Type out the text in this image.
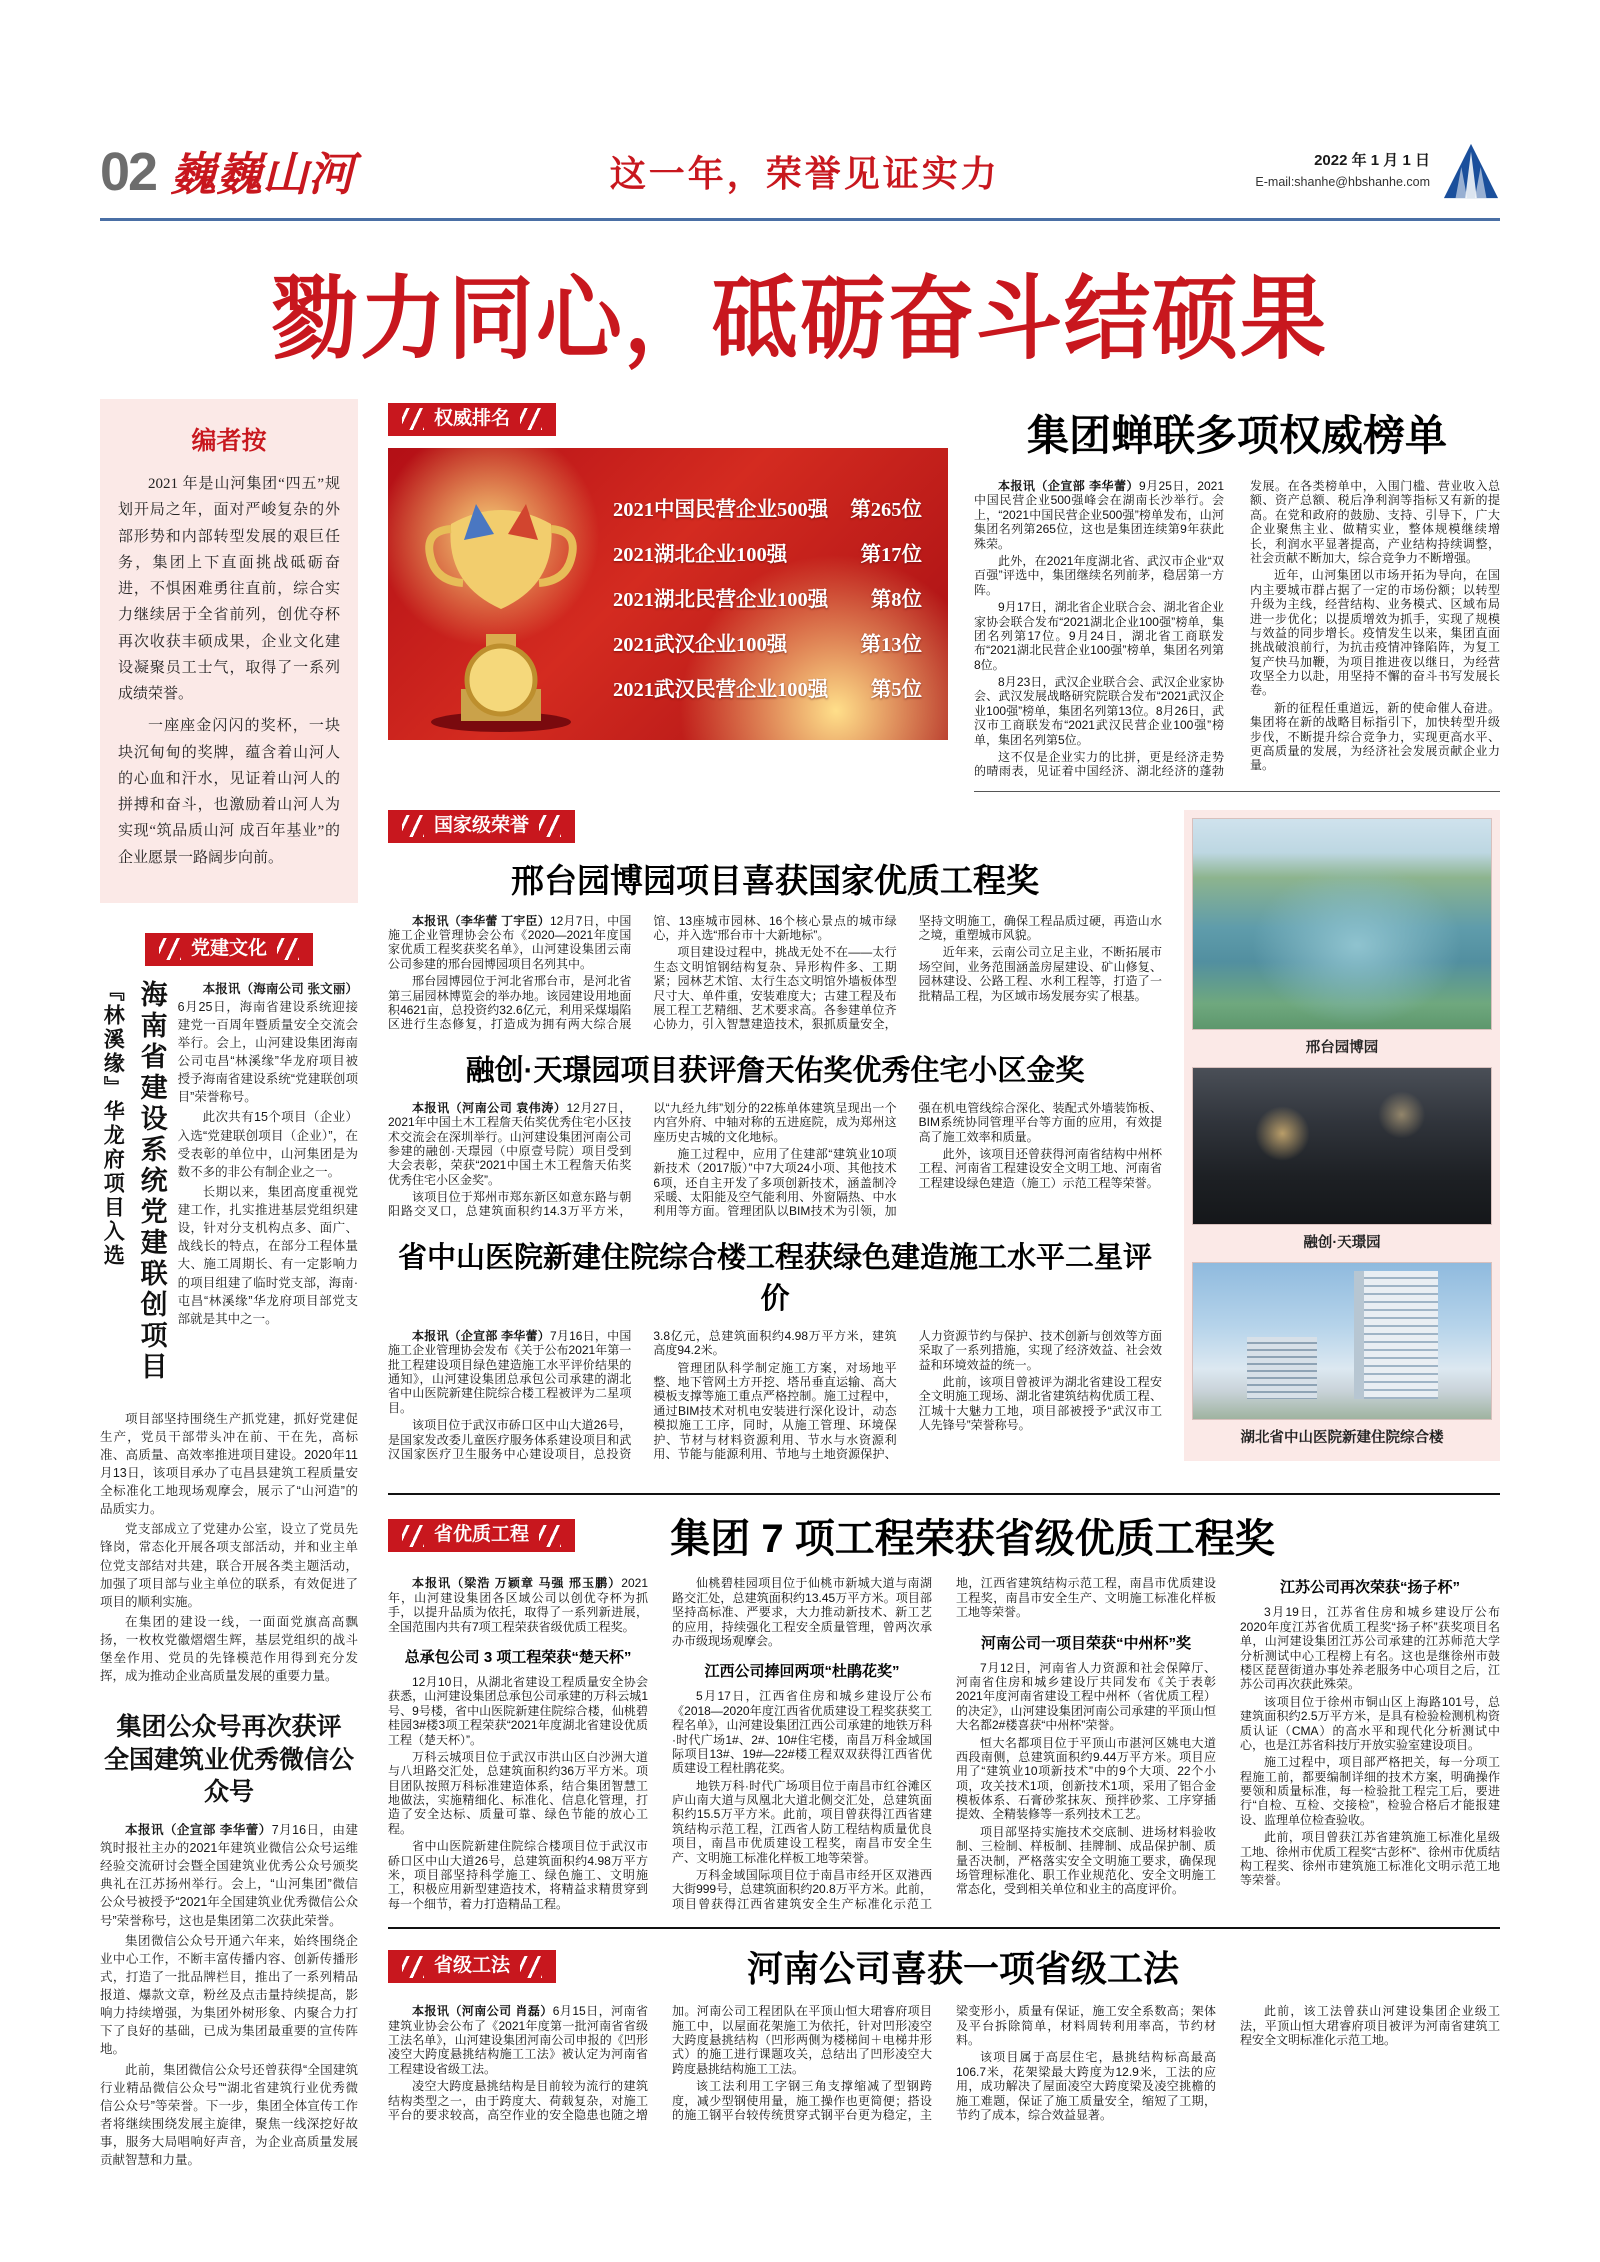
02 巍巍山河	这一年，荣誉见证实力	2022 年 1 月 1 日
E-mail:shanhe@hbshanhe.com
勠力同心，砥砺奋斗结硕果
编者按

2021 年是山河集团“四五”规划开局之年，面对严峻复杂的外部形势和内部转型发展的艰巨任务，集团上下直面挑战砥砺奋进，不惧困难勇往直前，综合实力继续居于全省前列，创优夺杯再次收获丰硕成果，企业文化建设凝聚员工士气，取得了一系列成绩荣誉。

一座座金闪闪的奖杯，一块块沉甸甸的奖牌，蕴含着山河人的心血和汗水，见证着山河人的拼搏和奋斗，也激励着山河人为实现“筑品质山河 成百年基业”的企业愿景一路阔步向前。

党建文化
『林溪缘』华龙府项目入选 海南省建设系统党建联创项目	本报讯（海南公司 张文丽）6月25日，海南省建设系统迎接建党一百周年暨质量安全交流会举行。会上，山河建设集团海南公司屯昌“林溪缘”华龙府项目被授予海南省建设系统“党建联创项目”荣誉称号。

此次共有15个项目（企业）入选“党建联创项目（企业）”，在受表彰的单位中，山河集团是为数不多的非公有制企业之一。

长期以来，集团高度重视党建工作，扎实推进基层党组织建设，针对分支机构点多、面广、战线长的特点，在部分工程体量大、施工周期长、有一定影响力的项目组建了临时党支部，海南·屯昌“林溪缘”华龙府项目部党支部就是其中之一。

项目部坚持围绕生产抓党建，抓好党建促生产，党员干部带头冲在前、干在先，高标准、高质量、高效率推进项目建设。2020年11月13日，该项目承办了屯昌县建筑工程质量安全标准化工地现场观摩会，展示了“山河造”的品质实力。

党支部成立了党建办公室，设立了党员先锋岗，常态化开展各项支部活动，并和业主单位党支部结对共建，联合开展各类主题活动，加强了项目部与业主单位的联系，有效促进了项目的顺利实施。

在集团的建设一线，一面面党旗高高飘扬，一枚枚党徽熠熠生辉，基层党组织的战斗堡垒作用、党员的先锋模范作用得到充分发挥，成为推动企业高质量发展的重要力量。

集团公众号再次获评
全国建筑业优秀微信公众号

本报讯（企宣部 李华蕾）7月16日，由建筑时报社主办的2021年建筑业微信公众号运维经验交流研讨会暨全国建筑业优秀公众号颁奖典礼在江苏扬州举行。会上，“山河集团”微信公众号被授予“2021年全国建筑业优秀微信公众号”荣誉称号，这也是集团第二次获此荣誉。

集团微信公众号开通六年来，始终围绕企业中心工作，不断丰富传播内容、创新传播形式，打造了一批品牌栏目，推出了一系列精品报道、爆款文章，粉丝及点击量持续提高，影响力持续增强，为集团外树形象、内聚合力打下了良好的基础，已成为集团最重要的宣传阵地。

此前，集团微信公众号还曾获得“全国建筑行业精品微信公众号”“湖北省建筑行业优秀微信公众号”等荣誉。下一步，集团全体宣传工作者将继续围绕发展主旋律，聚焦一线深挖好故事，服务大局唱响好声音，为企业高质量发展贡献智慧和力量。

权威排名
2021中国民营企业500强 第265位
2021湖北企业100强	第17位
2021湖北民营企业100强 第8位
2021武汉企业100强	第13位
2021武汉民营企业100强 第5位
集团蝉联多项权威榜单

本报讯（企宣部 李华蕾）9月25日，2021中国民营企业500强峰会在湖南长沙举行。会上，“2021中国民营企业500强”榜单发布，山河集团名列第265位，这也是集团连续第9年获此殊荣。

此外，在2021年度湖北省、武汉市企业“双百强”评选中，集团继续名列前茅，稳居第一方阵。

9月17日，湖北省企业联合会、湖北省企业家协会联合发布“2021湖北企业100强”榜单，集团名列第17位。9月24日，湖北省工商联发布“2021湖北民营企业100强”榜单，集团名列第8位。

8月23日，武汉企业联合会、武汉企业家协会、武汉发展战略研究院联合发布“2021武汉企业100强”榜单，集团名列第13位。8月26日，武汉市工商联发布“2021武汉民营企业100强”榜单，集团名列第5位。

这不仅是企业实力的比拼，更是经济走势的晴雨表，见证着中国经济、湖北经济的蓬勃发展。在各类榜单中，入围门槛、营业收入总额、资产总额、税后净利润等指标又有新的提高。在党和政府的鼓励、支持、引导下，广大企业聚焦主业、做精实业，整体规模继续增长，利润水平显著提高，产业结构持续调整，社会贡献不断加大，综合竞争力不断增强。

近年，山河集团以市场开拓为导向，在国内主要城市群占据了一定的市场份额；以转型升级为主线，经营结构、业务模式、区域布局进一步优化；以提质增效为抓手，实现了规模与效益的同步增长。疫情发生以来，集团直面挑战破浪前行，为抗击疫情冲锋陷阵，为复工复产快马加鞭，为项目推进夜以继日，为经营攻坚全力以赴，用坚持不懈的奋斗书写发展长卷。

新的征程任重道远，新的使命催人奋进。集团将在新的战略目标指引下，加快转型升级步伐，不断提升综合竞争力，实现更高水平、更高质量的发展，为经济社会发展贡献企业力量。

国家级荣誉
邢台园博园项目喜获国家优质工程奖

本报讯（李华蕾 丁宇臣）12月7日，中国施工企业管理协会公布《2020—2021年度国家优质工程奖获奖名单》，山河建设集团云南公司参建的邢台园博园项目名列其中。

邢台园博园位于河北省邢台市，是河北省第三届园林博览会的举办地。该园建设用地面积4621亩，总投资约32.6亿元，利用采煤塌陷区进行生态修复，打造成为拥有两大综合展馆、13座城市园林、16个核心景点的城市绿心，并入选“邢台市十大新地标”。

项目建设过程中，挑战无处不在——太行生态文明馆钢结构复杂、异形构件多、工期紧；园林艺术馆、太行生态文明馆外墙板体型尺寸大、单件重，安装难度大；古建工程及布展工程工艺精细、艺术要求高。各参建单位齐心协力，引入智慧建造技术，狠抓质量安全，坚持文明施工，确保工程品质过硬，再造山水之境，重塑城市风貌。

近年来，云南公司立足主业，不断拓展市场空间，业务范围涵盖房屋建设、矿山修复、园林建设、公路工程、水利工程等，打造了一批精品工程，为区域市场发展夯实了根基。

融创·天璟园项目获评詹天佑奖优秀住宅小区金奖

本报讯（河南公司 袁伟涛）12月27日，2021年中国土木工程詹天佑奖优秀住宅小区技术交流会在深圳举行。山河建设集团河南公司参建的融创·天璟园（中原壹号院）项目受到大会表彰，荣获“2021中国土木工程詹天佑奖优秀住宅小区金奖”。

该项目位于郑州市郑东新区如意东路与朝阳路交叉口，总建筑面积约14.3万平方米，以“九经九纬”划分的22栋单体建筑呈现出一个内宫外府、中轴对称的五进庭院，成为郑州这座历史古城的文化地标。

施工过程中，应用了住建部“建筑业10项新技术（2017版）”中7大项24小项、其他技术6项，还自主开发了多项创新技术，涵盖制冷采暖、太阳能及空气能利用、外窗隔热、中水利用等方面。管理团队以BIM技术为引领，加强在机电管线综合深化、装配式外墙装饰板、BIM系统协同管理平台等方面的应用，有效提高了施工效率和质量。

此外，该项目还曾获得河南省结构中州杯工程、河南省工程建设安全文明工地、河南省工程建设绿色建造（施工）示范工程等荣誉。

省中山医院新建住院综合楼工程获绿色建造施工水平二星评价

本报讯（企宣部 李华蕾）7月16日，中国施工企业管理协会发布《关于公布2021年第一批工程建设项目绿色建造施工水平评价结果的通知》，山河建设集团总承包公司承建的湖北省中山医院新建住院综合楼工程被评为二星项目。

该项目位于武汉市硚口区中山大道26号，是国家发改委儿童医疗服务体系建设项目和武汉国家医疗卫生服务中心建设项目，总投资3.8亿元，总建筑面积约4.98万平方米，建筑高度94.2米。

管理团队科学制定施工方案，对场地平整、地下管网土方开挖、塔吊垂直运输、高大模板支撑等施工重点严格控制。施工过程中，通过BIM技术对机电安装进行深化设计，动态模拟施工工序，同时，从施工管理、环境保护、节材与材料资源利用、节水与水资源利用、节能与能源利用、节地与土地资源保护、人力资源节约与保护、技术创新与创效等方面采取了一系列措施，实现了经济效益、社会效益和环境效益的统一。

此前，该项目曾被评为湖北省建设工程安全文明施工现场、湖北省建筑结构优质工程、江城十大魅力工地，项目部被授予“武汉市工人先锋号”荣誉称号。

邢台园博园
融创·天璟园
湖北省中山医院新建住院综合楼
省优质工程	集团 7 项工程荣获省级优质工程奖

本报讯（梁浩 万颖章 马强 邢玉鹏）2021年，山河建设集团各区域公司以创优夺杯为抓手，以提升品质为依托，取得了一系列新进展，全国范围内共有7项工程荣获省级优质工程奖。

总承包公司 3 项工程荣获“楚天杯”

12月10日，从湖北省建设工程质量安全协会获悉，山河建设集团总承包公司承建的万科云城1号、9号楼，省中山医院新建住院综合楼，仙桃碧桂园3#楼3项工程荣获“2021年度湖北省建设优质工程（楚天杯）”。

万科云城项目位于武汉市洪山区白沙洲大道与八坦路交汇处，总建筑面积约36万平方米。项目团队按照万科标准建造体系，结合集团智慧工地做法，实施精细化、标准化、信息化管理，打造了安全达标、质量可靠、绿色节能的放心工程。

省中山医院新建住院综合楼项目位于武汉市硚口区中山大道26号，总建筑面积约4.98万平方米，项目部坚持科学施工、绿色施工、文明施工，积极应用新型建造技术，将精益求精贯穿到每一个细节，着力打造精品工程。

仙桃碧桂园项目位于仙桃市新城大道与南湖路交汇处，总建筑面积约13.45万平方米。项目部坚持高标准、严要求，大力推动新技术、新工艺的应用，持续强化工程安全质量管理，曾两次承办市级现场观摩会。

江西公司捧回两项“杜鹃花奖”

5月17日，江西省住房和城乡建设厅公布《2018—2020年度江西省优质建设工程奖获奖工程名单》，山河建设集团江西公司承建的地铁万科·时代广场1#、2#、10#住宅楼，南昌万科金域国际项目13#、19#—22#楼工程双双获得江西省优质建设工程杜鹃花奖。

地铁万科·时代广场项目位于南昌市红谷滩区庐山南大道与凤凰北大道北侧交汇处，总建筑面积约15.5万平方米。此前，项目曾获得江西省建筑结构示范工程，江西省人防工程结构质量优良项目，南昌市优质建设工程奖，南昌市安全生产、文明施工标准化样板工地等荣誉。

万科金域国际项目位于南昌市经开区双港西大街999号，总建筑面积约20.8万平方米。此前，项目曾获得江西省建筑安全生产标准化示范工地，江西省建筑结构示范工程，南昌市优质建设工程奖，南昌市安全生产、文明施工标准化样板工地等荣誉。

河南公司一项目荣获“中州杯”奖

7月12日，河南省人力资源和社会保障厅、河南省住房和城乡建设厅共同发布《关于表彰2021年度河南省建设工程中州杯（省优质工程）的决定》，山河建设集团河南公司承建的平顶山恒大名都2#楼喜获“中州杯”荣誉。

恒大名都项目位于平顶山市湛河区姚电大道西段南侧，总建筑面积约9.44万平方米。项目应用了“建筑业10项新技术”中的9个大项、22个小项，攻关技术1项，创新技术1项，采用了铝合金模板体系、石膏砂浆抹灰、预拌砂浆、工序穿插提效、全精装修等一系列技术工艺。

项目部坚持实施技术交底制、进场材料验收制、三检制、样板制、挂牌制、成品保护制、质量否决制，严格落实安全文明施工要求，确保现场管理标准化、职工作业规范化、安全文明施工常态化，受到相关单位和业主的高度评价。

江苏公司再次荣获“扬子杯”

3月19日，江苏省住房和城乡建设厅公布2020年度江苏省优质工程奖“扬子杯”获奖项目名单，山河建设集团江苏公司承建的江苏师范大学分析测试中心工程榜上有名。这也是继徐州市鼓楼区琵琶街道办事处养老服务中心项目之后，江苏公司再次获此殊荣。

该项目位于徐州市铜山区上海路101号，总建筑面积约2.5万平方米，是具有检验检测机构资质认证（CMA）的高水平和现代化分析测试中心，也是江苏省科技厅开放实验室建设项目。

施工过程中，项目部严格把关，每一分项工程施工前，都要编制详细的技术方案，明确操作要领和质量标准，每一检验批工程完工后，要进行“自检、互检、交接检”，检验合格后才能报建设、监理单位检查验收。

此前，项目曾获江苏省建筑施工标准化星级工地、徐州市优质工程奖“古彭杯”、徐州市优质结构工程奖、徐州市建筑施工标准化文明示范工地等荣誉。

省级工法	河南公司喜获一项省级工法

本报讯（河南公司 肖磊）6月15日，河南省建筑业协会公布了《2021年度第一批河南省省级工法名单》，山河建设集团河南公司申报的《凹形凌空大跨度悬挑结构施工工法》被认定为河南省工程建设省级工法。

凌空大跨度悬挑结构是目前较为流行的建筑结构类型之一，由于跨度大、荷载复杂，对施工平台的要求较高，高空作业的安全隐患也随之增加。河南公司工程团队在平顶山恒大珺睿府项目施工中，以屋面花架施工为依托，针对凹形凌空大跨度悬挑结构（凹形两侧为楼梯间＋电梯井形式）的施工进行课题攻关，总结出了凹形凌空大跨度悬挑结构施工工法。

该工法利用工字钢三角支撑缩减了型钢跨度，减少型钢使用量，施工操作也更简便；搭设的施工钢平台较传统贯穿式钢平台更为稳定，主梁变形小，质量有保证，施工安全系数高；架体及平台拆除简单，材料周转利用率高，节约材料。

该项目属于高层住宅，悬挑结构标高最高106.7米，花架梁最大跨度为12.9米，工法的应用，成功解决了屋面凌空大跨度梁及凌空挑檐的施工难题，保证了施工质量安全，缩短了工期，节约了成本，综合效益显著。

此前，该工法曾获山河建设集团企业级工法，平顶山恒大珺睿府项目被评为河南省建筑工程安全文明标准化示范工地。
